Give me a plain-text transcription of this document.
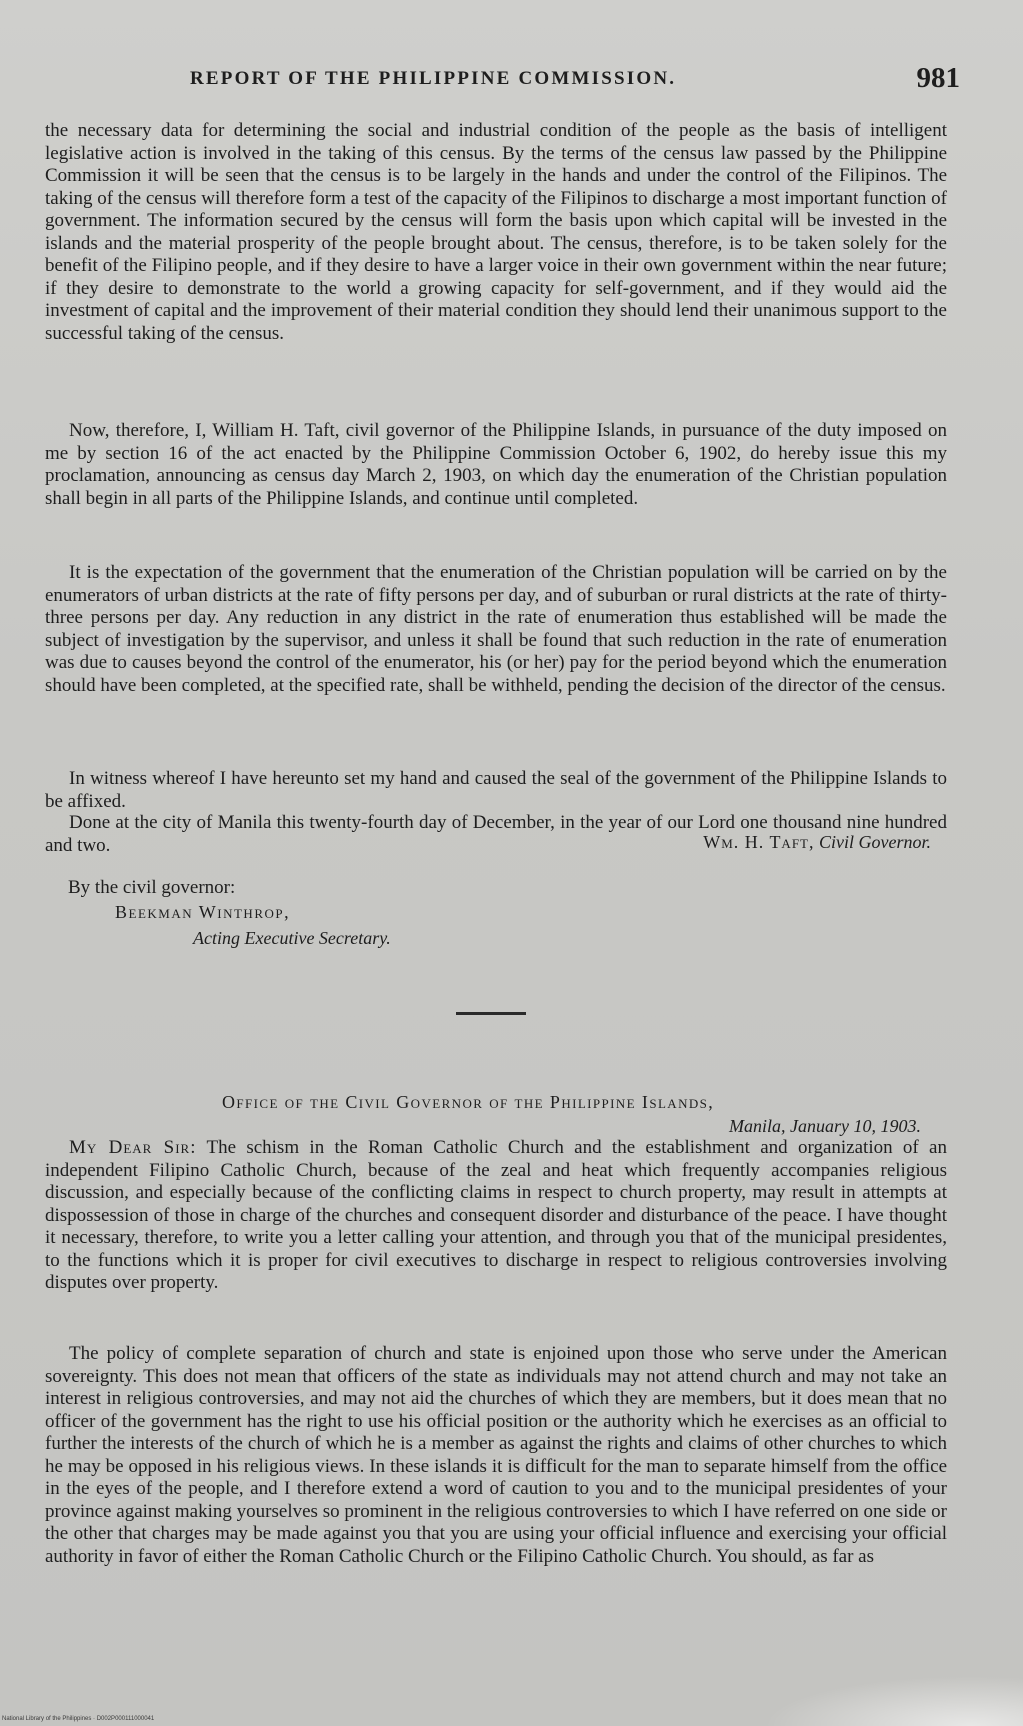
REPORT OF THE PHILIPPINE COMMISSION.	981

the necessary data for determining the social and industrial condition of the people as the basis of intelligent legislative action is involved in the taking of this census. By the terms of the census law passed by the Philippine Commission it will be seen that the census is to be largely in the hands and under the control of the Filipinos. The taking of the census will therefore form a test of the capacity of the Filipinos to discharge a most important function of government. The information secured by the census will form the basis upon which capital will be invested in the islands and the material prosperity of the people brought about. The census, therefore, is to be taken solely for the benefit of the Filipino people, and if they desire to have a larger voice in their own government within the near future; if they desire to demonstrate to the world a growing capacity for self-government, and if they would aid the investment of capital and the improvement of their material condition they should lend their unanimous support to the successful taking of the census.

Now, therefore, I, William H. Taft, civil governor of the Philippine Islands, in pursuance of the duty imposed on me by section 16 of the act enacted by the Philippine Commission October 6, 1902, do hereby issue this my proclamation, announcing as census day March 2, 1903, on which day the enumeration of the Christian population shall begin in all parts of the Philippine Islands, and continue until completed.

It is the expectation of the government that the enumeration of the Christian population will be carried on by the enumerators of urban districts at the rate of fifty persons per day, and of suburban or rural districts at the rate of thirty-three persons per day. Any reduction in any district in the rate of enumeration thus established will be made the subject of investigation by the supervisor, and unless it shall be found that such reduction in the rate of enumeration was due to causes beyond the control of the enumerator, his (or her) pay for the period beyond which the enumeration should have been completed, at the specified rate, shall be withheld, pending the decision of the director of the census.

In witness whereof I have hereunto set my hand and caused the seal of the government of the Philippine Islands to be affixed.

Done at the city of Manila this twenty-fourth day of December, in the year of our Lord one thousand nine hundred and two.	Wm. H. Taft, Civil Governor.
By the civil governor:
Beekman Winthrop,
Acting Executive Secretary.
Office of the Civil Governor of the Philippine Islands,
Manila, January 10, 1903.

My Dear Sir: The schism in the Roman Catholic Church and the establishment and organization of an independent Filipino Catholic Church, because of the zeal and heat which frequently accompanies religious discussion, and especially because of the conflicting claims in respect to church property, may result in attempts at dispossession of those in charge of the churches and consequent disorder and disturbance of the peace. I have thought it necessary, therefore, to write you a letter calling your attention, and through you that of the municipal presidentes, to the functions which it is proper for civil executives to discharge in respect to religious controversies involving disputes over property.

The policy of complete separation of church and state is enjoined upon those who serve under the American sovereignty. This does not mean that officers of the state as individuals may not attend church and may not take an interest in religious controversies, and may not aid the churches of which they are members, but it does mean that no officer of the government has the right to use his official position or the authority which he exercises as an official to further the interests of the church of which he is a member as against the rights and claims of other churches to which he may be opposed in his religious views. In these islands it is difficult for the man to separate himself from the office in the eyes of the people, and I therefore extend a word of caution to you and to the municipal presidentes of your province against making yourselves so prominent in the religious controversies to which I have referred on one side or the other that charges may be made against you that you are using your official influence and exercising your official authority in favor of either the Roman Catholic Church or the Filipino Catholic Church. You should, as far as

National Library of the Philippines · D002P000111000041
